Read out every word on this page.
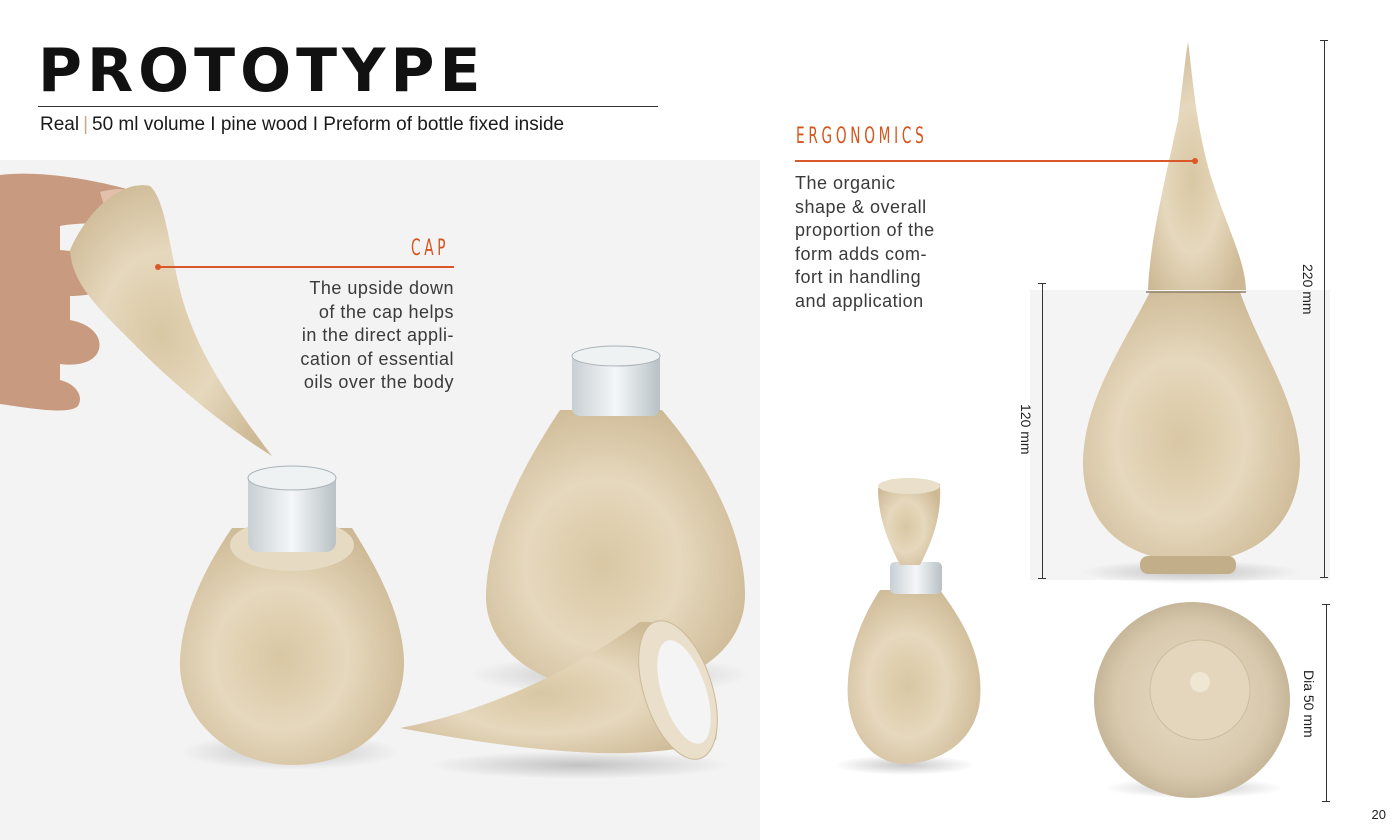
PROTOTYPE
Real | 50 ml volume I pine wood I Preform of bottle fixed inside
CAP
The upside down
of the cap helps
in the direct appli-
cation of essential
oils over the body
ERGONOMICS
The organic
shape & overall
proportion of the
form adds com-
fort in handling
and application	220 mm
120 mm
Dia 50 mm
20
